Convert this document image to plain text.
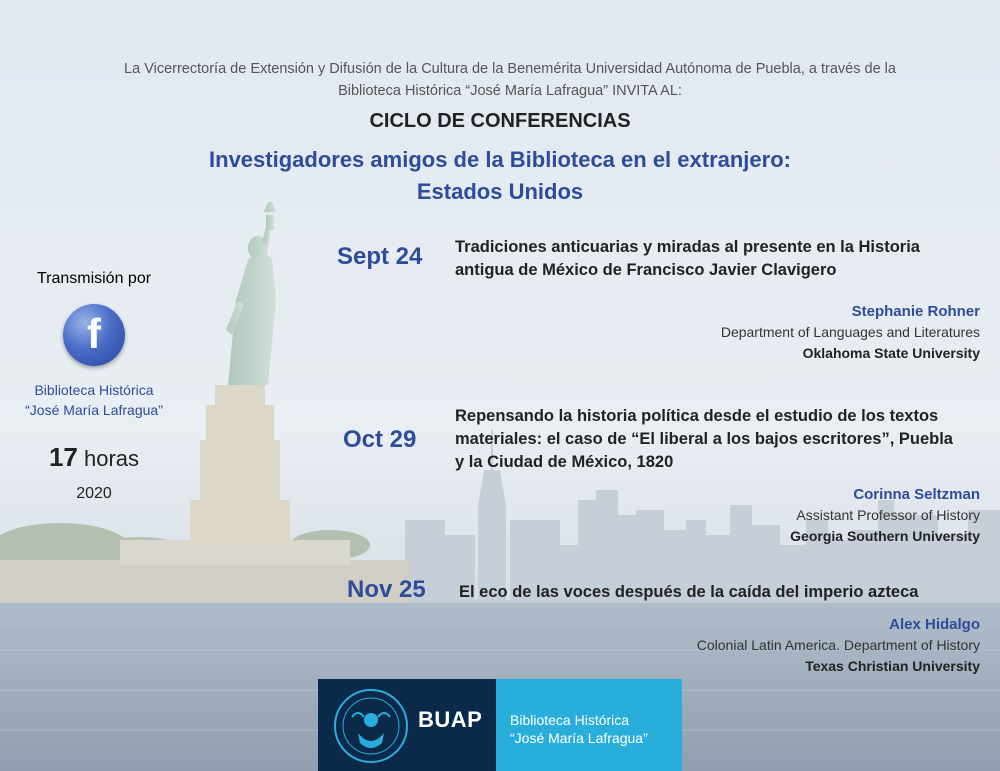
La Vicerrectoría de Extensión y Difusión de la Cultura de la Benemérita Universidad Autónoma de Puebla, a través de la
Biblioteca Histórica “José María Lafragua” INVITA AL:
CICLO DE CONFERENCIAS
Investigadores amigos de la Biblioteca en el extranjero:
Estados Unidos
Transmisión por
f
Biblioteca Histórica
“José María Lafragua”
17 horas
2020
Sept 24 Tradiciones anticuarias y miradas al presente en la Historia
antigua de México de Francisco Javier Clavigero
Stephanie Rohner
Department of Languages and Literatures
Oklahoma State University
Oct 29
Repensando la historia política desde el estudio de los textos
materiales: el caso de “El liberal a los bajos escritores”, Puebla
y la Ciudad de México, 1820
Corinna Seltzman
Assistant Professor of History
Georgia Southern University
Nov 25 El eco de las voces después de la caída del imperio azteca
Alex Hidalgo
Colonial Latin America. Department of History
Texas Christian University
BUAP Biblioteca Histórica
“José María Lafragua”
